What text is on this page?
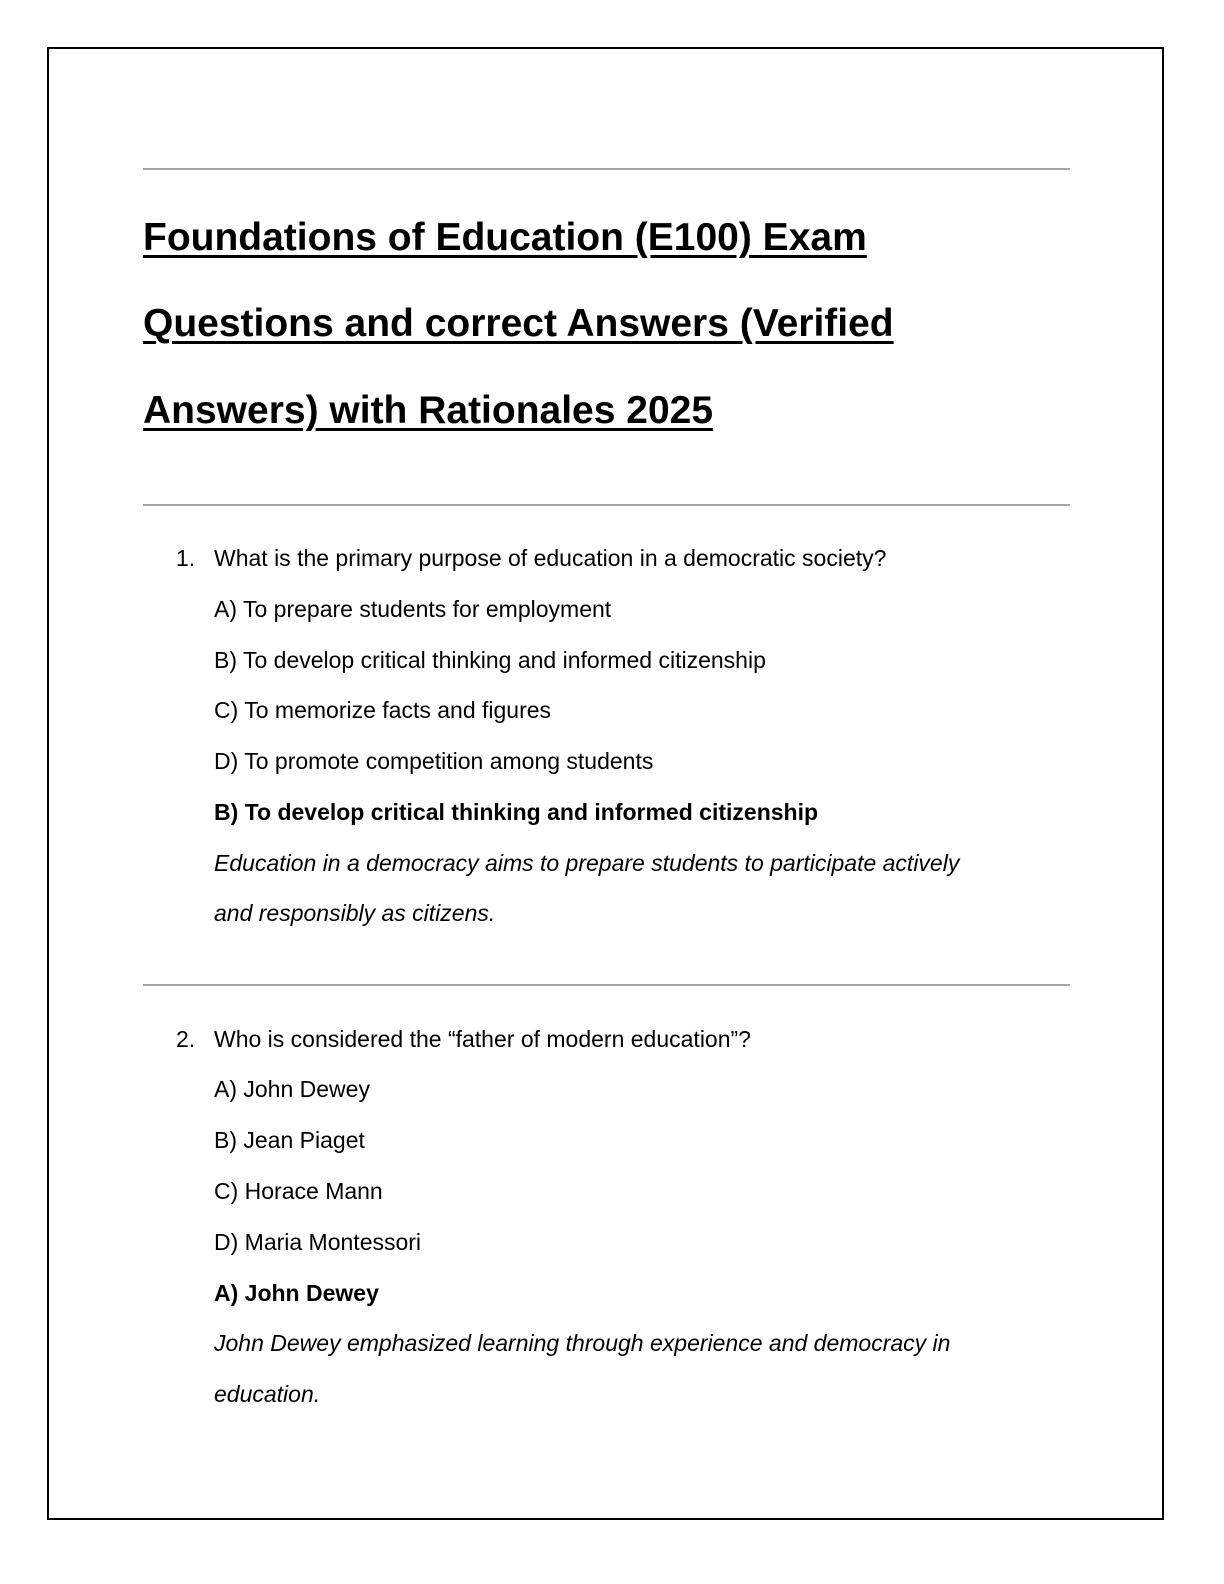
Foundations of Education (E100) Exam
Questions and correct Answers (Verified
Answers) with Rationales 2025
1. What is the primary purpose of education in a democratic society?
A) To prepare students for employment
B) To develop critical thinking and informed citizenship
C) To memorize facts and figures
D) To promote competition among students
B) To develop critical thinking and informed citizenship
Education in a democracy aims to prepare students to participate actively
and responsibly as citizens.
2. Who is considered the “father of modern education”?
A) John Dewey
B) Jean Piaget
C) Horace Mann
D) Maria Montessori
A) John Dewey
John Dewey emphasized learning through experience and democracy in
education.
